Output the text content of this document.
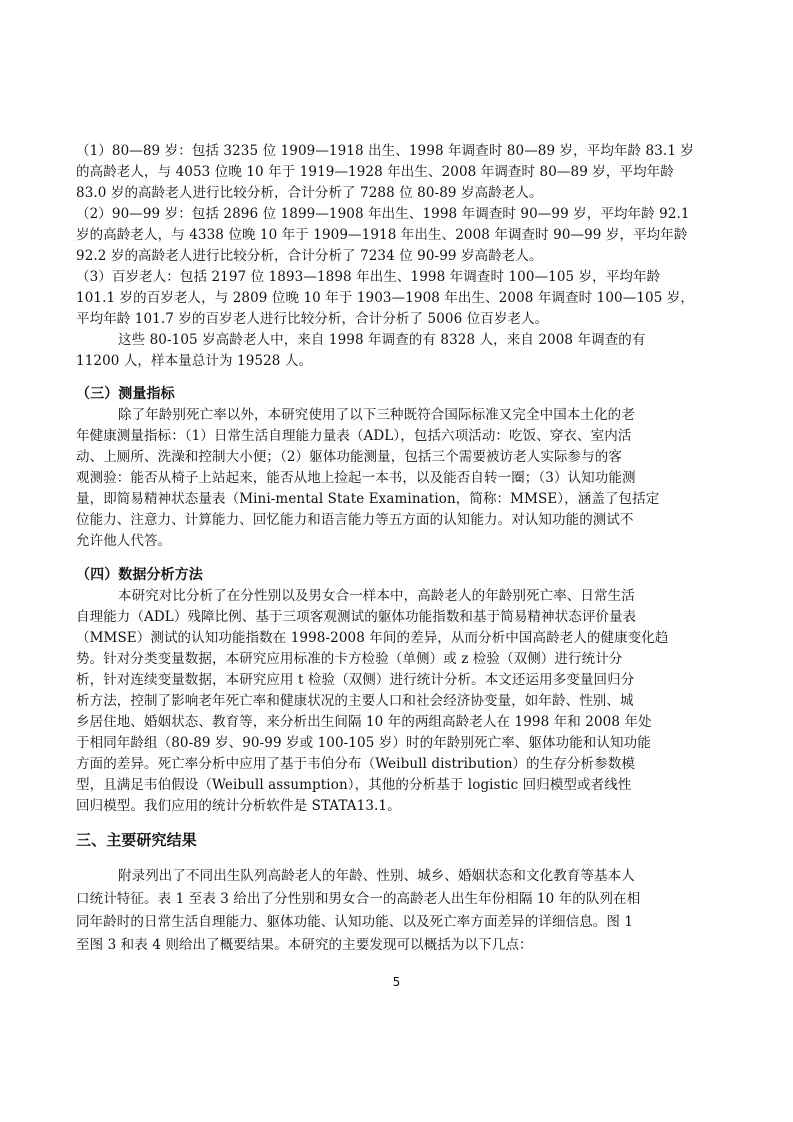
（1）80—89 岁：包括 3235 位 1909—1918 出生、1998 年调查时 80—89 岁，平均年龄 83.1 岁
的高龄老人，与 4053 位晚 10 年于 1919—1928 年出生、2008 年调查时 80—89 岁，平均年龄
83.0 岁的高龄老人进行比较分析，合计分析了 7288 位 80-89 岁高龄老人。
（2）90—99 岁：包括 2896 位 1899—1908 年出生、1998 年调查时 90—99 岁，平均年龄 92.1
岁的高龄老人，与 4338 位晚 10 年于 1909—1918 年出生、2008 年调查时 90—99 岁，平均年龄
92.2 岁的高龄老人进行比较分析，合计分析了 7234 位 90-99 岁高龄老人。
（3）百岁老人：包括 2197 位 1893—1898 年出生、1998 年调查时 100—105 岁，平均年龄
101.1 岁的百岁老人，与 2809 位晚 10 年于 1903—1908 年出生、2008 年调查时 100—105 岁，
平均年龄 101.7 岁的百岁老人进行比较分析，合计分析了 5006 位百岁老人。
这些 80-105 岁高龄老人中，来自 1998 年调查的有 8328 人，来自 2008 年调查的有
11200 人，样本量总计为 19528 人。
（三）测量指标
除了年龄别死亡率以外，本研究使用了以下三种既符合国际标准又完全中国本土化的老
年健康测量指标：（1）日常生活自理能力量表（ADL），包括六项活动：吃饭、穿衣、室内活
动、上厕所、洗澡和控制大小便；（2）躯体功能测量，包括三个需要被访老人实际参与的客
观测验：能否从椅子上站起来，能否从地上捡起一本书，以及能否自转一圈；（3）认知功能测
量，即简易精神状态量表（Mini-mental State Examination，简称：MMSE），涵盖了包括定
位能力、注意力、计算能力、回忆能力和语言能力等五方面的认知能力。对认知功能的测试不
允许他人代答。
（四）数据分析方法
本研究对比分析了在分性别以及男女合一样本中，高龄老人的年龄别死亡率、日常生活
自理能力（ADL）残障比例、基于三项客观测试的躯体功能指数和基于简易精神状态评价量表
（MMSE）测试的认知功能指数在 1998-2008 年间的差异，从而分析中国高龄老人的健康变化趋
势。针对分类变量数据，本研究应用标准的卡方检验（单侧）或 z 检验（双侧）进行统计分
析，针对连续变量数据，本研究应用 t 检验（双侧）进行统计分析。本文还运用多变量回归分
析方法，控制了影响老年死亡率和健康状况的主要人口和社会经济协变量，如年龄、性别、城
乡居住地、婚姻状态、教育等，来分析出生间隔 10 年的两组高龄老人在 1998 年和 2008 年处
于相同年龄组（80-89 岁、90-99 岁或 100-105 岁）时的年龄别死亡率、躯体功能和认知功能
方面的差异。死亡率分析中应用了基于韦伯分布（Weibull distribution）的生存分析参数模
型，且满足韦伯假设（Weibull assumption），其他的分析基于 logistic 回归模型或者线性
回归模型。我们应用的统计分析软件是 STATA13.1。
三、主要研究结果
附录列出了不同出生队列高龄老人的年龄、性别、城乡、婚姻状态和文化教育等基本人
口统计特征。表 1 至表 3 给出了分性别和男女合一的高龄老人出生年份相隔 10 年的队列在相
同年龄时的日常生活自理能力、躯体功能、认知功能、以及死亡率方面差异的详细信息。图 1
至图 3 和表 4 则给出了概要结果。本研究的主要发现可以概括为以下几点：
5
